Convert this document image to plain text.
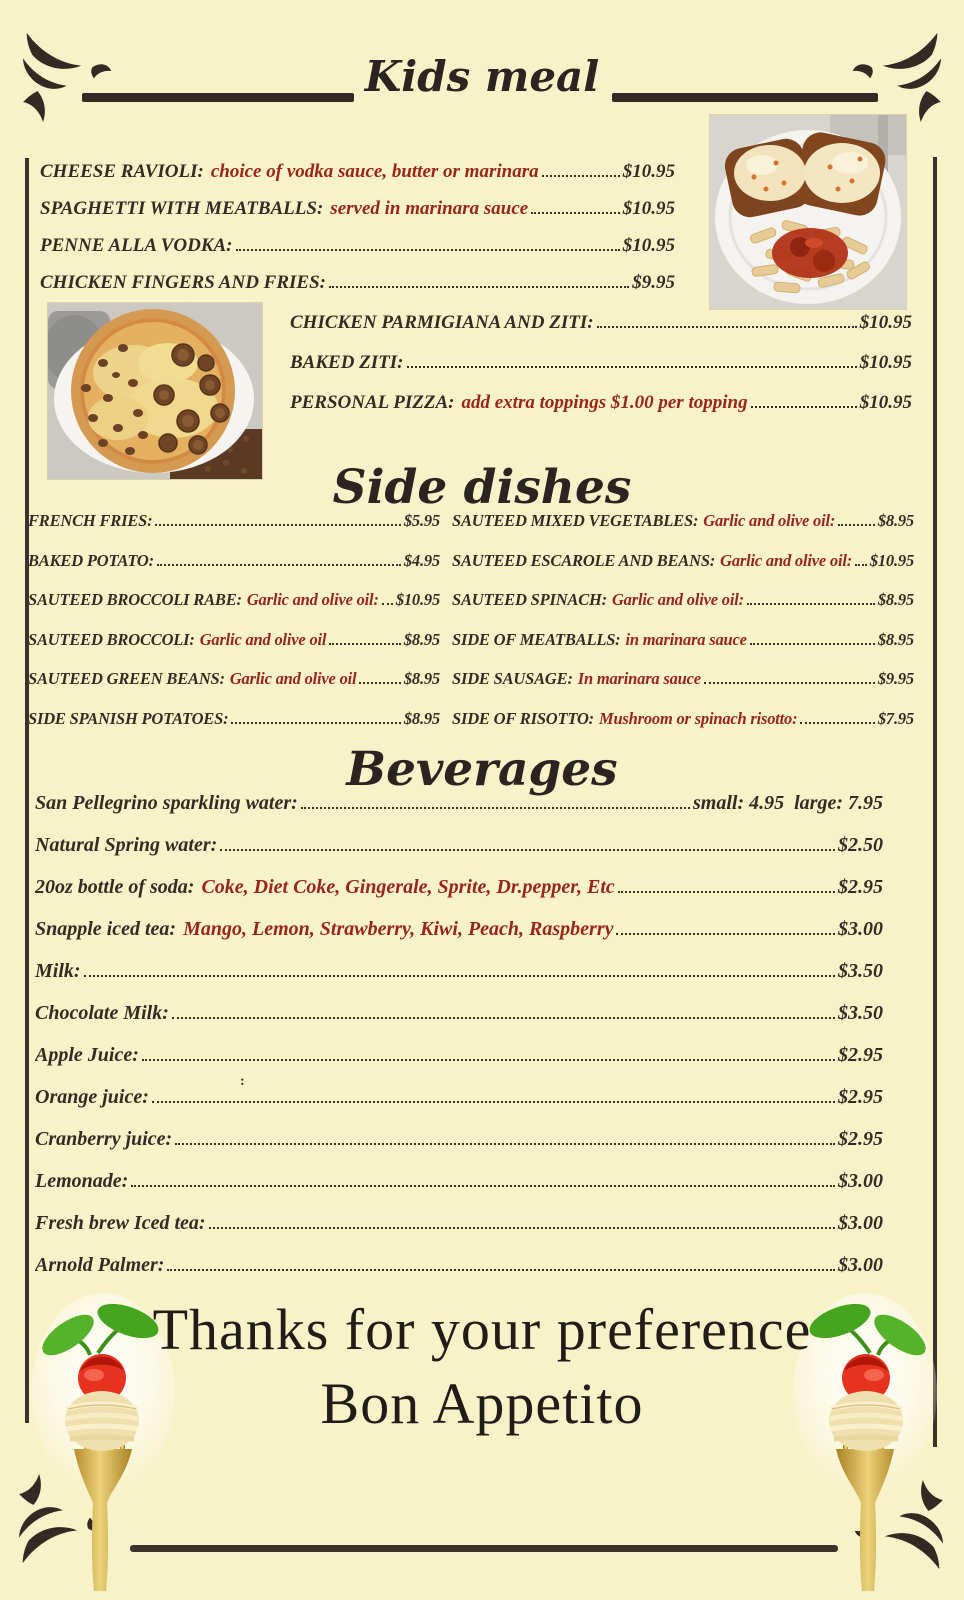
Kids meal
CHEESE RAVIOLI: choice of vodka sauce, butter or marinara	$10.95
SPAGHETTI WITH MEATBALLS: served in marinara sauce	$10.95
PENNE ALLA VODKA:	$10.95
CHICKEN FINGERS AND FRIES:	$9.95
CHICKEN PARMIGIANA AND ZITI:	$10.95
BAKED ZITI:	$10.95
PERSONAL PIZZA: add extra toppings $1.00 per topping	$10.95
Side dishes
FRENCH FRIES:	$5.95
BAKED POTATO:	$4.95
SAUTEED BROCCOLI RABE: Garlic and olive oil: $10.95
SAUTEED BROCCOLI: Garlic and olive oil	$8.95
SAUTEED GREEN BEANS: Garlic and olive oil	$8.95
SIDE SPANISH POTATOES:	$8.95
SAUTEED MIXED VEGETABLES: Garlic and olive oil:	$8.95
SAUTEED ESCAROLE AND BEANS: Garlic and olive oil: $10.95
SAUTEED SPINACH: Garlic and olive oil:	$8.95
SIDE OF MEATBALLS: in marinara sauce	$8.95
SIDE SAUSAGE: In marinara sauce	$9.95
SIDE OF RISOTTO: Mushroom or spinach risotto:	$7.95
Beverages
San Pellegrino sparkling water:	small: 4.95  large: 7.95
Natural Spring water:	$2.50
20oz bottle of soda: Coke, Diet Coke, Gingerale, Sprite, Dr.pepper, Etc	$2.95
Snapple iced tea: Mango, Lemon, Strawberry, Kiwi, Peach, Raspberry	$3.00
Milk:	$3.50
Chocolate Milk:	$3.50
Apple Juice:	$2.95
Orange juice:	$2.95
Cranberry juice:	$2.95
Lemonade:	$3.00
Fresh brew Iced tea:	$3.00
Arnold Palmer:	$3.00
:
Thanks for your preference
Bon Appetito
